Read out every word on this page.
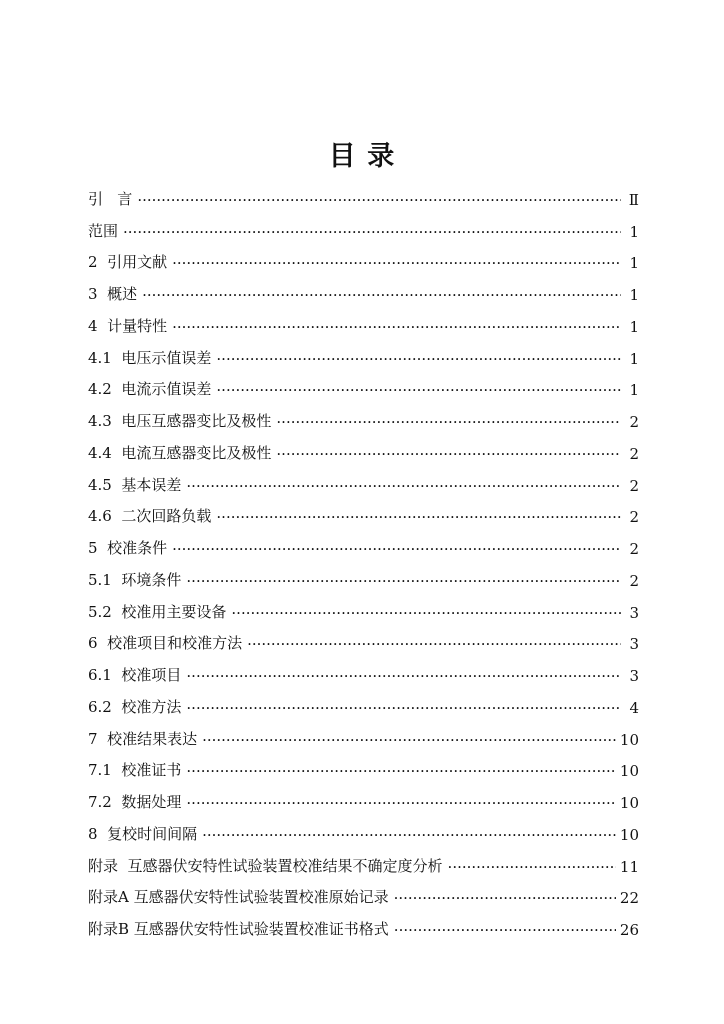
目 录
引   言 ·····	Ⅱ
范围 ·····	1
2  引用文献 ·····	1
3  概述 ·····	1
4  计量特性 ·····	1
4.1  电压示值误差 ·····	1
4.2  电流示值误差 ·····	1
4.3  电压互感器变比及极性 ·····	2
4.4  电流互感器变比及极性 ·····	2
4.5  基本误差 ·····	2
4.6  二次回路负载 ·····	2
5  校准条件 ·····	2
5.1  环境条件 ·····	2
5.2  校准用主要设备 ·····	3
6  校准项目和校准方法 ·····	3
6.1  校准项目 ·····	3
6.2  校准方法 ·····	4
7  校准结果表达 ·····	10
7.1  校准证书 ·····	10
7.2  数据处理 ·····	10
8  复校时间间隔 ·····	10
附录  互感器伏安特性试验装置校准结果不确定度分析 ·····	11
附录A 互感器伏安特性试验装置校准原始记录 ·····	22
附录B 互感器伏安特性试验装置校准证书格式 ·····	26
